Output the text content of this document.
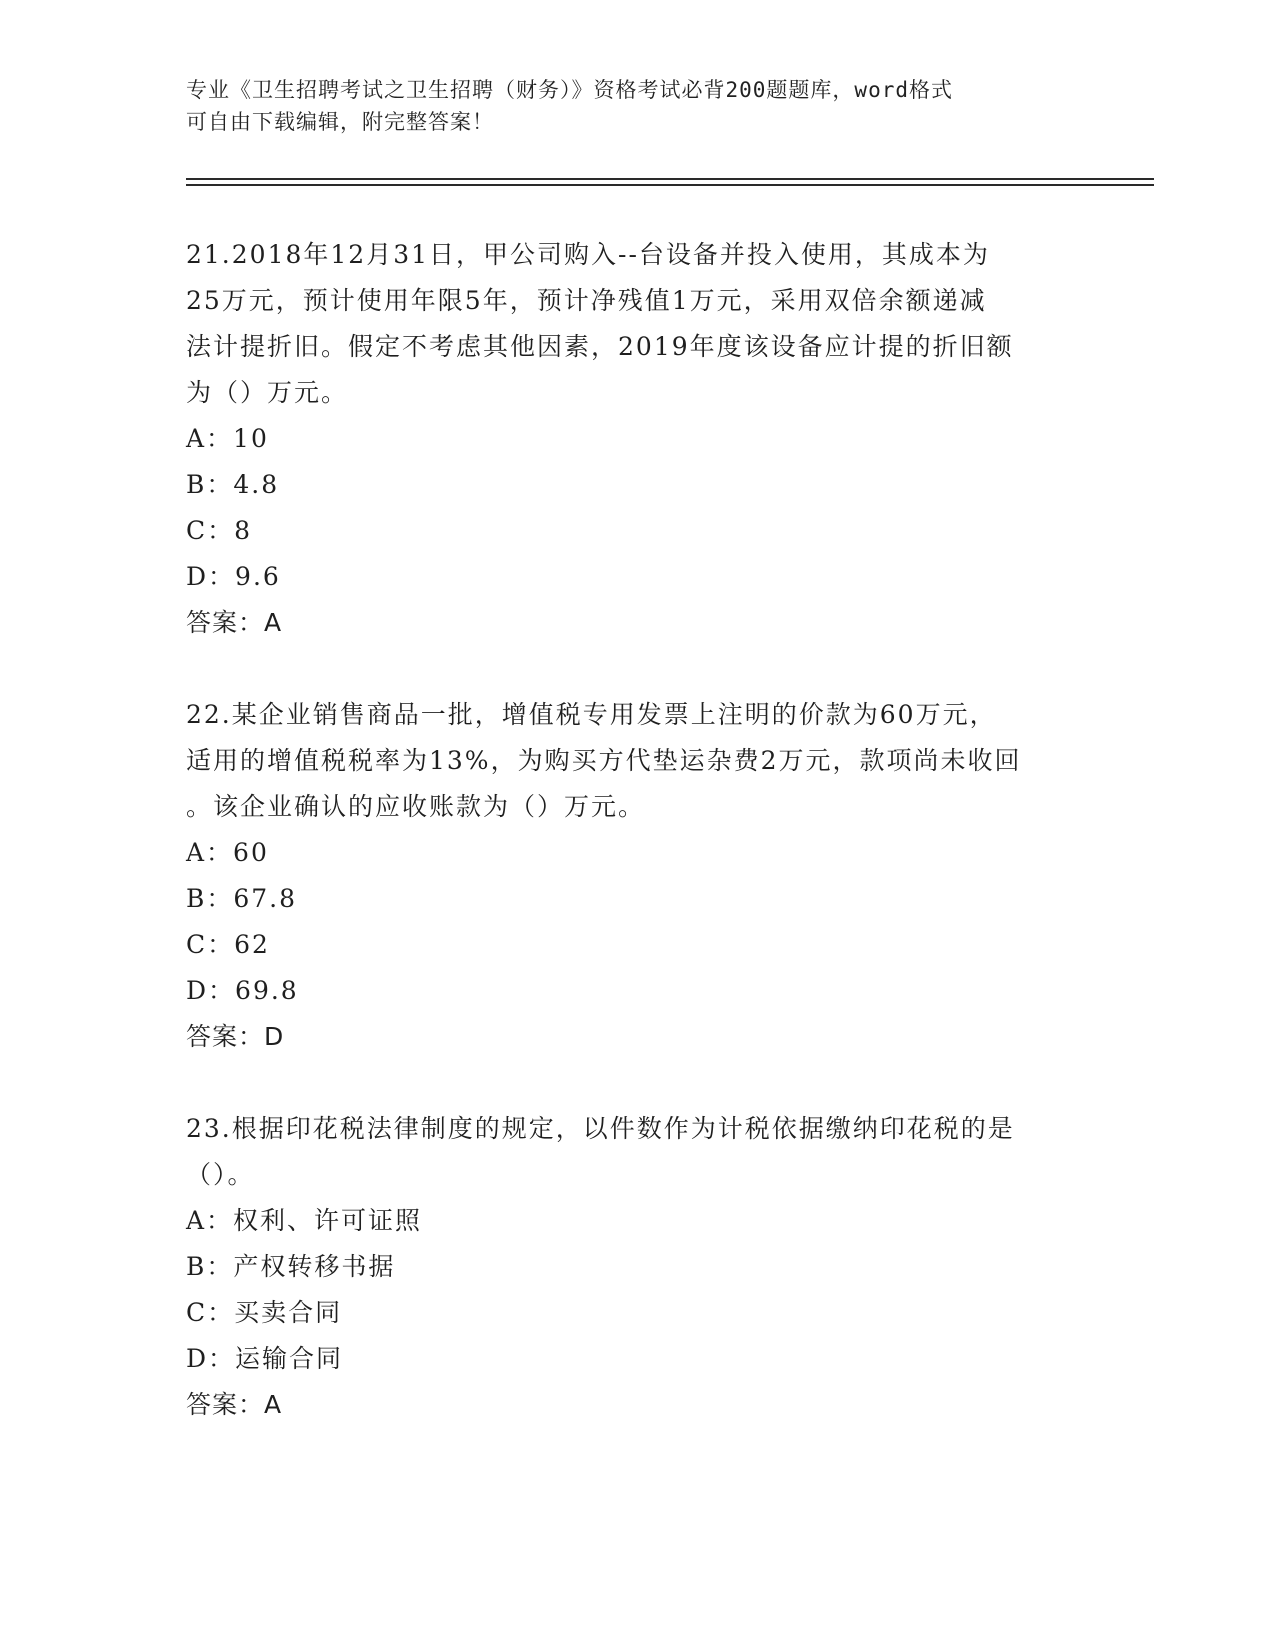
专业《卫生招聘考试之卫生招聘（财务）》资格考试必背200题题库，word格式
可自由下载编辑，附完整答案！
21.2018年12月31日，甲公司购入--台设备并投入使用，其成本为
25万元，预计使用年限5年，预计净残值1万元，采用双倍余额递减
法计提折旧。假定不考虑其他因素，2019年度该设备应计提的折旧额
为（）万元。
A：10
B：4.8
C：8
D：9.6
答案：A
22.某企业销售商品一批，增值税专用发票上注明的价款为60万元，
适用的增值税税率为13%，为购买方代垫运杂费2万元，款项尚未收回
。该企业确认的应收账款为（）万元。
A：60
B：67.8
C：62
D：69.8
答案：D
23.根据印花税法律制度的规定，以件数作为计税依据缴纳印花税的是
（）。
A：权利、许可证照
B：产权转移书据
C：买卖合同
D：运输合同
答案：A
